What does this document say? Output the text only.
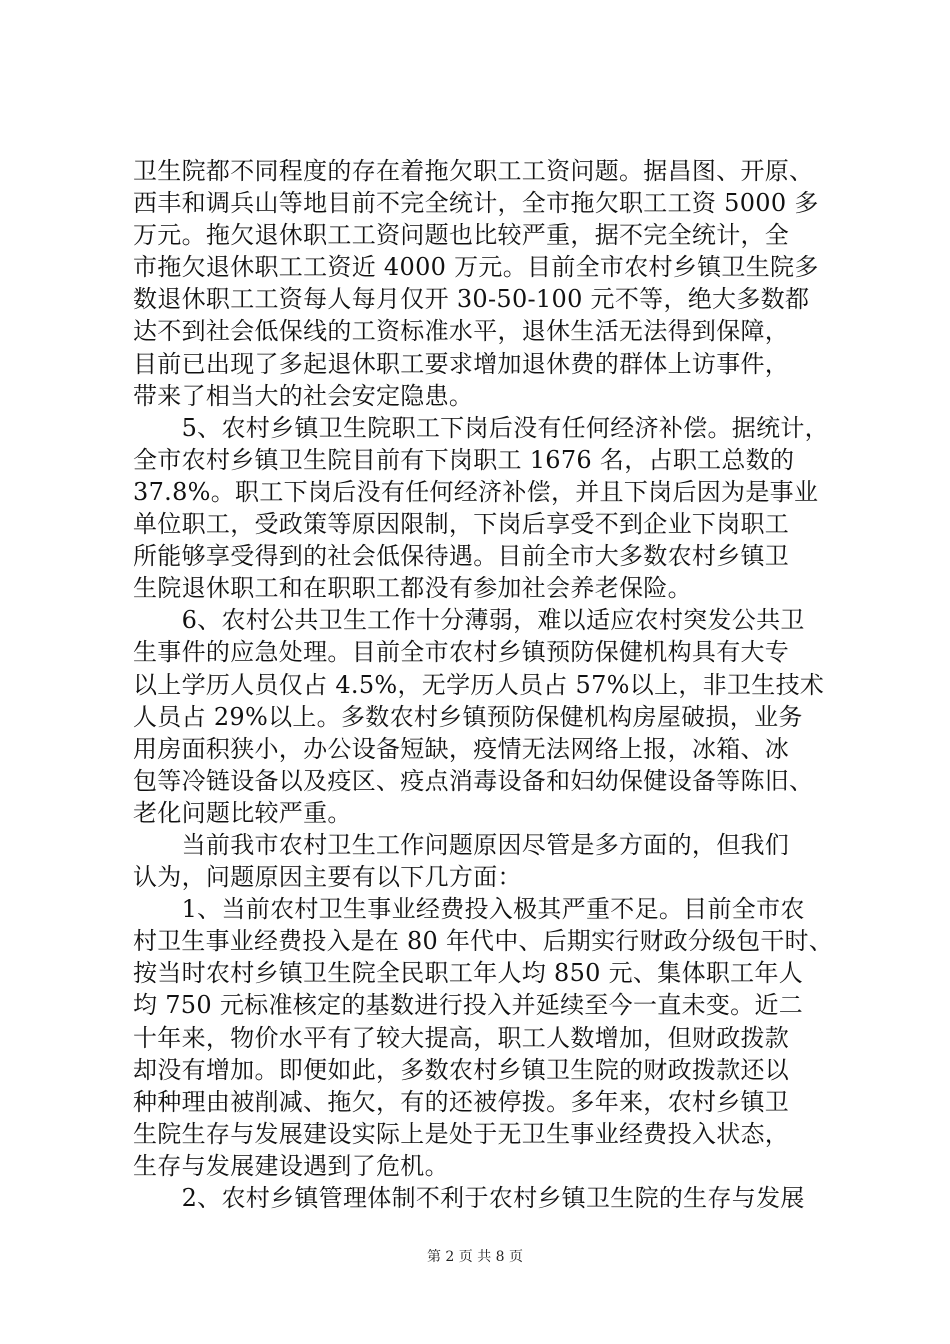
卫生院都不同程度的存在着拖欠职工工资问题。据昌图、开原、
西丰和调兵山等地目前不完全统计，全市拖欠职工工资 5000 多
万元。拖欠退休职工工资问题也比较严重，据不完全统计，全
市拖欠退休职工工资近 4000 万元。目前全市农村乡镇卫生院多
数退休职工工资每人每月仅开 30-50-100 元不等，绝大多数都
达不到社会低保线的工资标准水平，退休生活无法得到保障，
目前已出现了多起退休职工要求增加退休费的群体上访事件，
带来了相当大的社会安定隐患。
　　5、农村乡镇卫生院职工下岗后没有任何经济补偿。据统计，
全市农村乡镇卫生院目前有下岗职工 1676 名，占职工总数的
37.8%。职工下岗后没有任何经济补偿，并且下岗后因为是事业
单位职工，受政策等原因限制，下岗后享受不到企业下岗职工
所能够享受得到的社会低保待遇。目前全市大多数农村乡镇卫
生院退休职工和在职职工都没有参加社会养老保险。
　　6、农村公共卫生工作十分薄弱，难以适应农村突发公共卫
生事件的应急处理。目前全市农村乡镇预防保健机构具有大专
以上学历人员仅占 4.5%，无学历人员占 57%以上，非卫生技术
人员占 29%以上。多数农村乡镇预防保健机构房屋破损，业务
用房面积狭小，办公设备短缺，疫情无法网络上报，冰箱、冰
包等冷链设备以及疫区、疫点消毒设备和妇幼保健设备等陈旧、
老化问题比较严重。
　　当前我市农村卫生工作问题原因尽管是多方面的，但我们
认为，问题原因主要有以下几方面：
　　1、当前农村卫生事业经费投入极其严重不足。目前全市农
村卫生事业经费投入是在 80 年代中、后期实行财政分级包干时、
按当时农村乡镇卫生院全民职工年人均 850 元、集体职工年人
均 750 元标准核定的基数进行投入并延续至今一直未变。近二
十年来，物价水平有了较大提高，职工人数增加，但财政拨款
却没有增加。即便如此，多数农村乡镇卫生院的财政拨款还以
种种理由被削减、拖欠，有的还被停拨。多年来，农村乡镇卫
生院生存与发展建设实际上是处于无卫生事业经费投入状态，
生存与发展建设遇到了危机。
　　2、农村乡镇管理体制不利于农村乡镇卫生院的生存与发展
第 2 页 共 8 页
